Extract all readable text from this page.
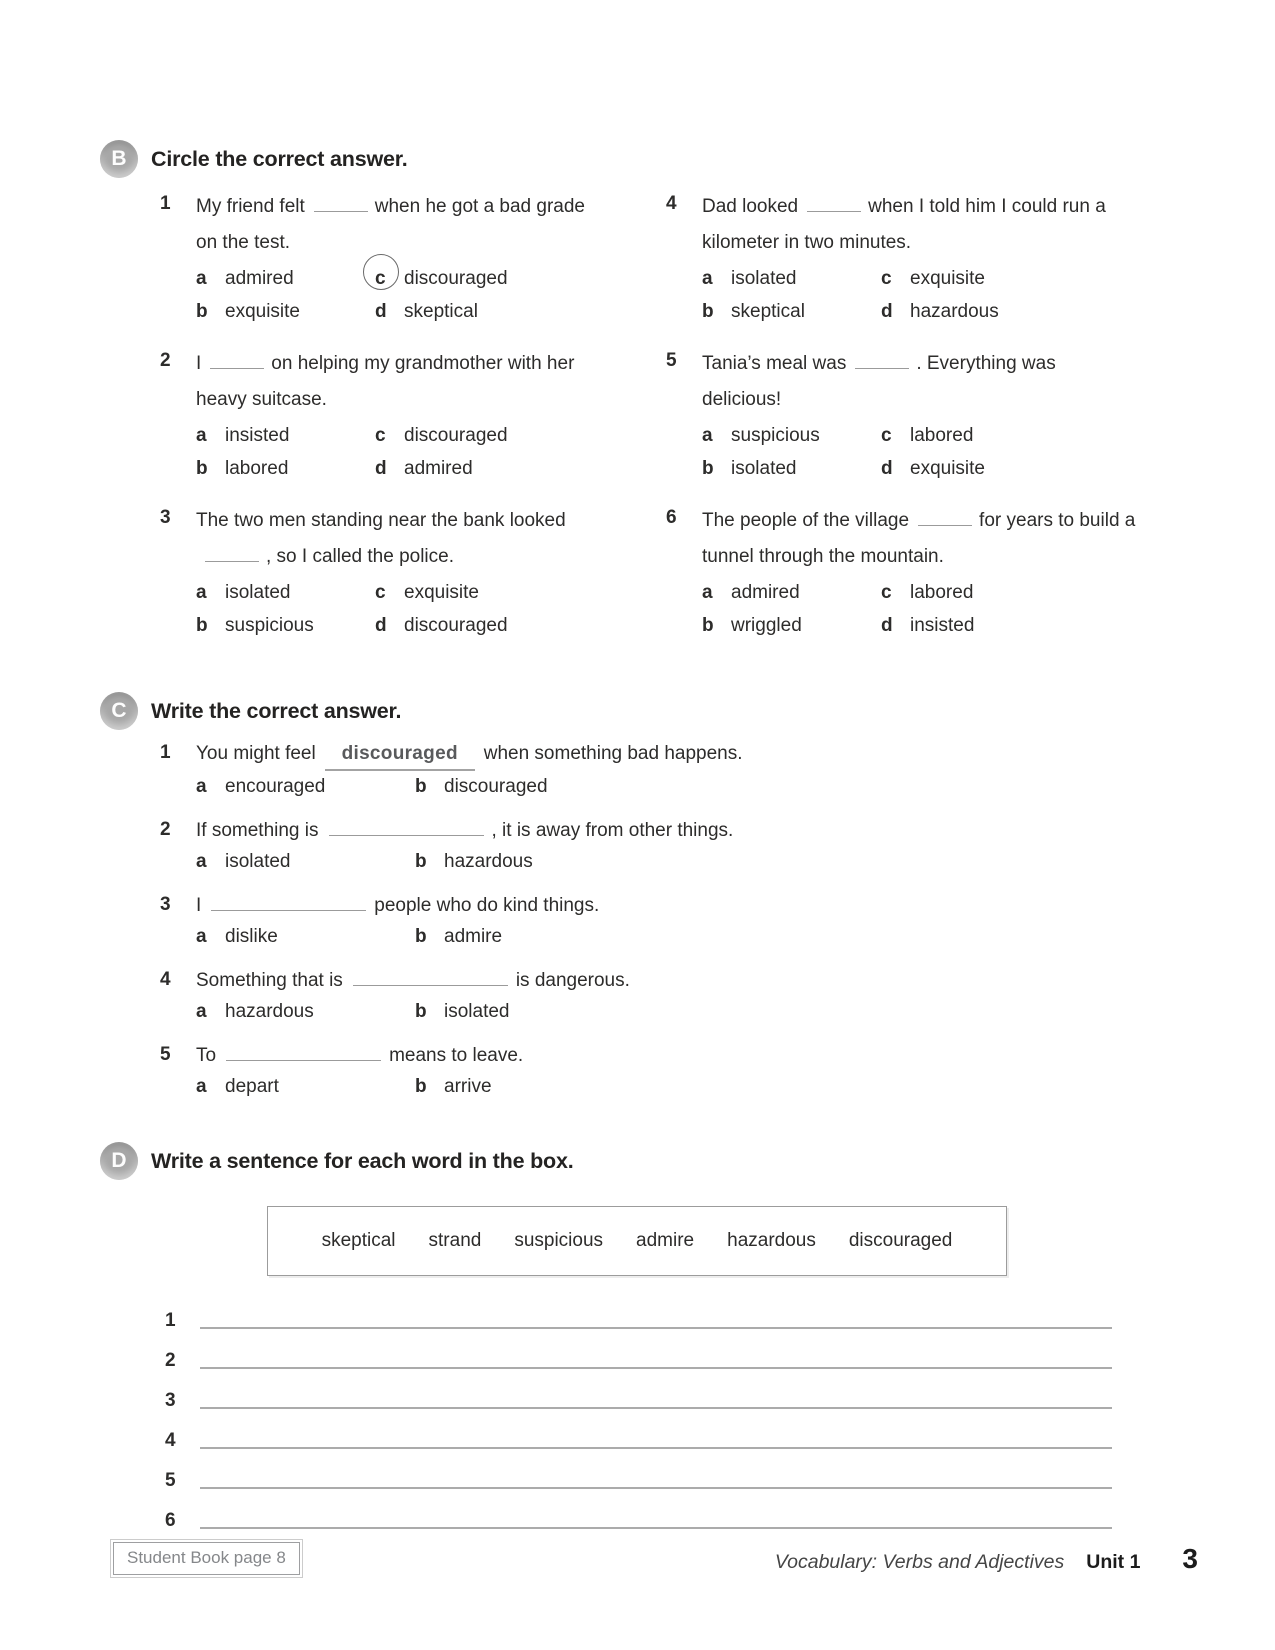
B	Circle the correct answer.
1	My friend felt	when he got a bad grade on the test.

a admired	c discouraged
b exquisite	d skeptical
2	I	on helping my grandmother with her heavy suitcase.

a insisted	c discouraged
b labored	d admired
3	The two men standing near the bank looked, so I called the police.

a isolated	c exquisite
b suspicious	d discouraged
4	Dad looked	when I told him I could run a kilometer in two minutes.

a isolated	c exquisite
b skeptical	d hazardous
5	Tania’s meal was	. Everything was delicious!

a suspicious	c labored
b isolated	d exquisite
6	The people of the village	for years to build a tunnel through the mountain.

a admired	c labored
b wriggled	d insisted
C	Write the correct answer.
1	You might feel discouraged when something bad happens.

a encouraged	b discouraged
2	If something is	, it is away from other things.

a isolated	b hazardous
3	I	people who do kind things.

a dislike	b admire
4	Something that is	is dangerous.

a hazardous	b isolated
5	To	means to leave.

a depart	b arrive
D	Write a sentence for each word in the box.
skeptical strand suspicious admire hazardous discouraged
1
2
3
4
5
6
Student Book page 8	Vocabulary: Verbs and Adjectives Unit 1 3
